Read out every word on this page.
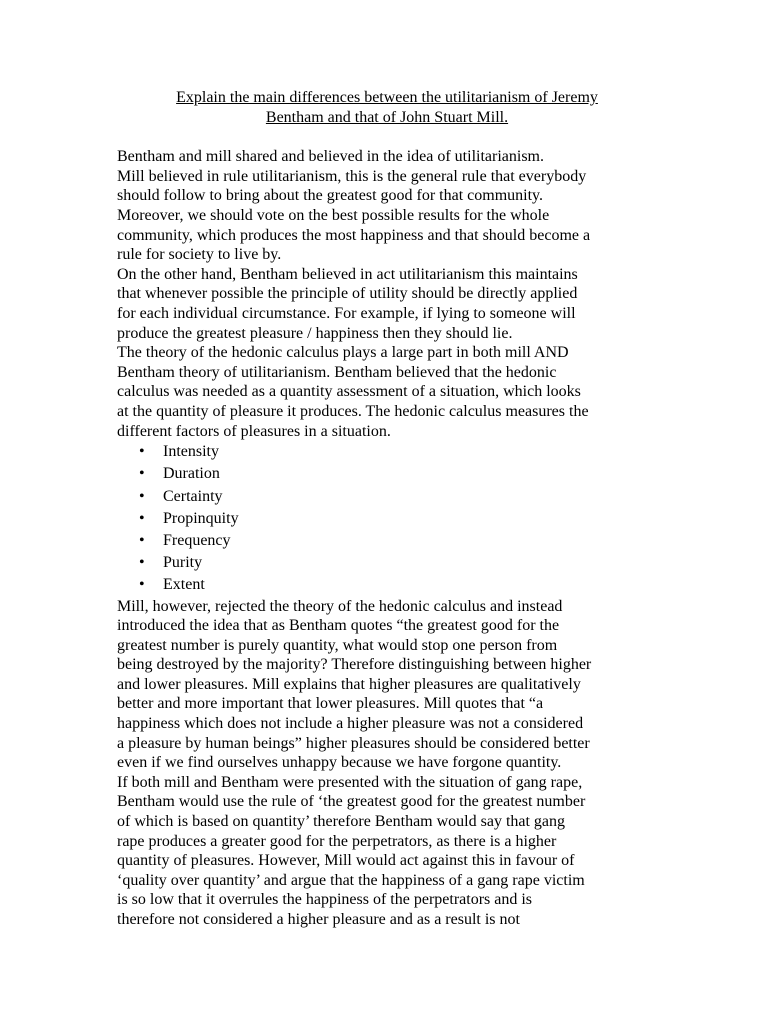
Explain the main differences between the utilitarianism of Jeremy
Bentham and that of John Stuart Mill.

Bentham and mill shared and believed in the idea of utilitarianism.

Mill believed in rule utilitarianism, this is the general rule that everybody
should follow to bring about the greatest good for that community.
Moreover, we should vote on the best possible results for the whole
community, which produces the most happiness and that should become a
rule for society to live by.

On the other hand, Bentham believed in act utilitarianism this maintains
that whenever possible the principle of utility should be directly applied
for each individual circumstance. For example, if lying to someone will
produce the greatest pleasure / happiness then they should lie.

The theory of the hedonic calculus plays a large part in both mill AND
Bentham theory of utilitarianism. Bentham believed that the hedonic
calculus was needed as a quantity assessment of a situation, which looks
at the quantity of pleasure it produces. The hedonic calculus measures the
different factors of pleasures in a situation.

• Intensity
• Duration
• Certainty
• Propinquity
• Frequency
• Purity
• Extent

Mill, however, rejected the theory of the hedonic calculus and instead
introduced the idea that as Bentham quotes “the greatest good for the
greatest number is purely quantity, what would stop one person from
being destroyed by the majority? Therefore distinguishing between higher
and lower pleasures. Mill explains that higher pleasures are qualitatively
better and more important that lower pleasures. Mill quotes that “a
happiness which does not include a higher pleasure was not a considered
a pleasure by human beings” higher pleasures should be considered better
even if we find ourselves unhappy because we have forgone quantity.

If both mill and Bentham were presented with the situation of gang rape,
Bentham would use the rule of ‘the greatest good for the greatest number
of which is based on quantity’ therefore Bentham would say that gang
rape produces a greater good for the perpetrators, as there is a higher
quantity of pleasures. However, Mill would act against this in favour of
‘quality over quantity’ and argue that the happiness of a gang rape victim
is so low that it overrules the happiness of the perpetrators and is
therefore not considered a higher pleasure and as a result is not
